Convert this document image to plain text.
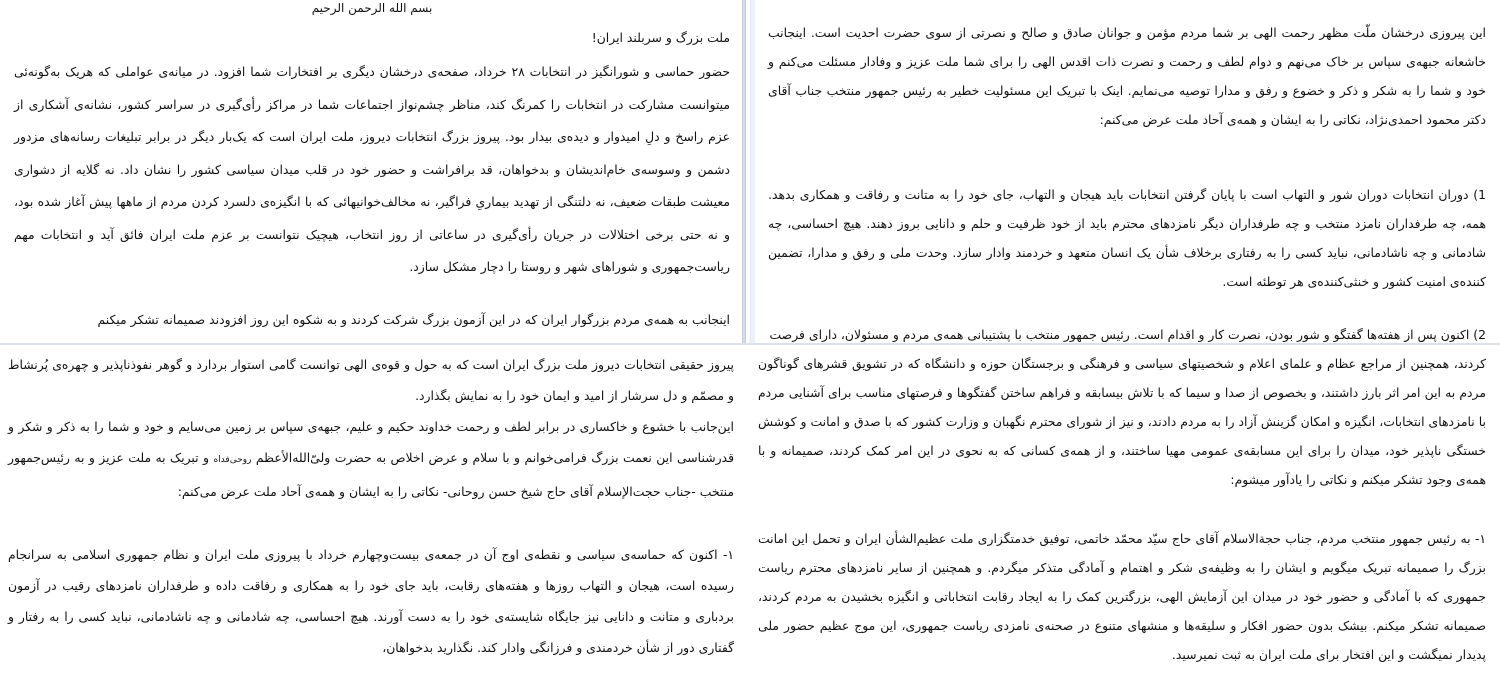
بسم الله الرحمن الرحيم
ملت بزرگ و سربلند ایران!

حضور حماسی و شورانگیز در انتخابات ۲۸ خرداد، صفحه‌ی درخشان دیگری بر افتخارات شما افزود. در میانه‌ی عواملی که هریک به‌گونه‌ئی میتوانست مشارکت در انتخابات را کمرنگ کند، مناظر چشم‌نواز اجتماعات شما در مراکز رأی‌گیری در سراسر کشور، نشانه‌ی آشکاری از عزم راسخ و دلِ امیدوار و دیده‌ی بیدار بود. پیروز بزرگ انتخابات دیروز، ملت ایران است که یک‌بار دیگر در برابر تبلیغات رسانه‌های مزدور دشمن و وسوسه‌ی خام‌اندیشان و بدخواهان، قد برافراشت و حضور خود در قلب میدان سیاسی کشور را نشان داد. نه گلایه از دشواری معیشت طبقات ضعیف، نه دلتنگی از تهدید بیماریِ فراگیر، نه مخالف‌خوانیهائی که با انگیزه‌ی دلسرد کردن مردم از ماهها پیش آغاز شده بود، و نه حتی برخی اختلالات در جریان رأی‌گیری در ساعاتی از روز انتخاب، هیچیک نتوانست بر عزم ملت ایران فائق آید و انتخابات مهم ریاست‌جمهوری و شوراهای شهر و روستا را دچار مشکل سازد.

اینجانب به همه‌ی مردم بزرگوار ایران که در این آزمون بزرگ شرکت کردند و به شکوه این روز افزودند صمیمانه تشکر میکنم

این پیروزی درخشان ملّت مظهر رحمت الهی بر شما مردم مؤمن و جوانان صادق و صالح و نصرتی از سوی حضرت احدیت است. اینجانب خاشعانه جبهه‌ی سپاس بر خاک می‌نهم و دوام لطف و رحمت و نصرت ذات اقدس الهی را برای شما ملت عزیز و وفادار مسئلت می‌کنم و خود و شما را به شکر و ذکر و خضوع و رفق و مدارا توصیه می‌نمایم. اینک با تبریک این مسئولیت خطیر به رئیس جمهور منتخب جناب آقای دکتر محمود احمدی‌نژاد، نکاتی را به ایشان و همه‌ی آحاد ملت عرض می‌کنم:

1) دوران انتخابات دوران شور و التهاب است با پایان گرفتن انتخابات باید هیجان و التهاب، جای خود را به متانت و رفاقت و همکاری بدهد. همه، چه طرفداران نامزد منتخب و چه طرفداران دیگر نامزدهای محترم باید از خود ظرفیت و حلم و دانایی بروز دهند. هیچ احساسی، چه شادمانی و چه ناشادمانی، نباید کسی را به رفتاری برخلاف شأن یک انسان متعهد و خردمند وادار سازد. وحدت ملی و رفق و مدارا، تضمین کننده‌ی امنیت کشور و خنثی‌کننده‌ی هر توطئه است.

2) اکنون پس از هفته‌ها گفتگو و شور بودن، نصرت کار و اقدام است. رئیس جمهور منتخب با پشتیبانی همه‌ی مردم و مسئولان، دارای فرصت

پیروز حقیقی انتخابات دیروز ملت بزرگ ایران است که به حول و قوه‌ی الهی توانست گامی استوار بردارد و گوهر نفوذناپذیر و چهره‌ی پُرنشاط و مصمّم و دل سرشار از امید و ایمان خود را به نمایش بگذارد.

این‌جانب با خشوع و خاکساری در برابر لطف و رحمت خداوند حکیم و علیم، جبهه‌ی سپاس بر زمین می‌سایم و خود و شما را به ذکر و شکر و قدرشناسی این نعمت بزرگ فرامی‌خوانم و با سلام و عرض اخلاص به حضرت ولیّ‌الله‌الأعظم روحی‌فداه و تبریک به ملت عزیز و به رئیس‌جمهور منتخب -جناب حجت‌الإسلام آقای حاج شیخ حسن روحانی- نکاتی را به ایشان و همه‌ی آحاد ملت عرض می‌کنم:

۱- اکنون که حماسه‌ی سیاسی و نقطه‌ی اوج آن در جمعه‌ی بیست‌وچهارم خرداد با پیروزی ملت ایران و نظام جمهوری اسلامی به سرانجام رسیده است، هیجان و التهاب روزها و هفته‌های رقابت، باید جای خود را به همکاری و رفاقت داده و طرفداران نامزدهای رقیب در آزمون بردباری و متانت و دانایی نیز جایگاه شایسته‌ی خود را به دست آورند. هیچ احساسی، چه شادمانی و چه ناشادمانی، نباید کسی را به رفتار و گفتاری دور از شأن خردمندی و فرزانگی وادار کند. نگذارید بدخواهان،

کردند، همچنین از مراجع عظام و علمای اعلام و شخصیتهای سیاسی و فرهنگی و برجستگان حوزه و دانشگاه که در تشویق قشرهای گوناگون مردم به این امر اثر بارز داشتند، و بخصوص از صدا و سیما که با تلاش بیسابقه و فراهم ساختن گفتگوها و فرصتهای مناسب برای آشنایی مردم با نامزدهای انتخابات، انگیزه و امکان گزینش آزاد را به مردم دادند، و نیز از شورای محترم نگهبان و وزارت کشور که با صدق و امانت و کوشش خستگی ناپذیر خود، میدان را برای این مسابقه‌ی عمومی مهیا ساختند، و از همه‌ی کسانی که به نحوی در این امر کمک کردند، صمیمانه و با همه‌ی وجود تشکر میکنم و نکاتی را یادآور میشوم:

۱- به رئیس جمهور منتخب مردم، جناب حجةالاسلام آقای حاج سیّد محمّد خاتمی، توفیق خدمتگزاری ملت عظیم‌الشأن ایران و تحمل این امانت بزرگ را صمیمانه تبریک میگویم و ایشان را به وظیفه‌ی شکر و اهتمام و آمادگی متذکر میگردم. و همچنین از سایر نامزدهای محترم ریاست جمهوری که با آمادگی و حضور خود در میدان این آزمایش الهی، بزرگترین کمک را به ایجاد رقابت انتخاباتی و انگیزه بخشیدن به مردم کردند، صمیمانه تشکر میکنم. بیشک بدون حضور افکار و سلیقه‌ها و منشهای متنوع در صحنه‌ی نامزدی ریاست جمهوری، این موج عظیم حضور ملی پدیدار نمیگشت و این افتخار برای ملت ایران به ثبت نمیرسید.
